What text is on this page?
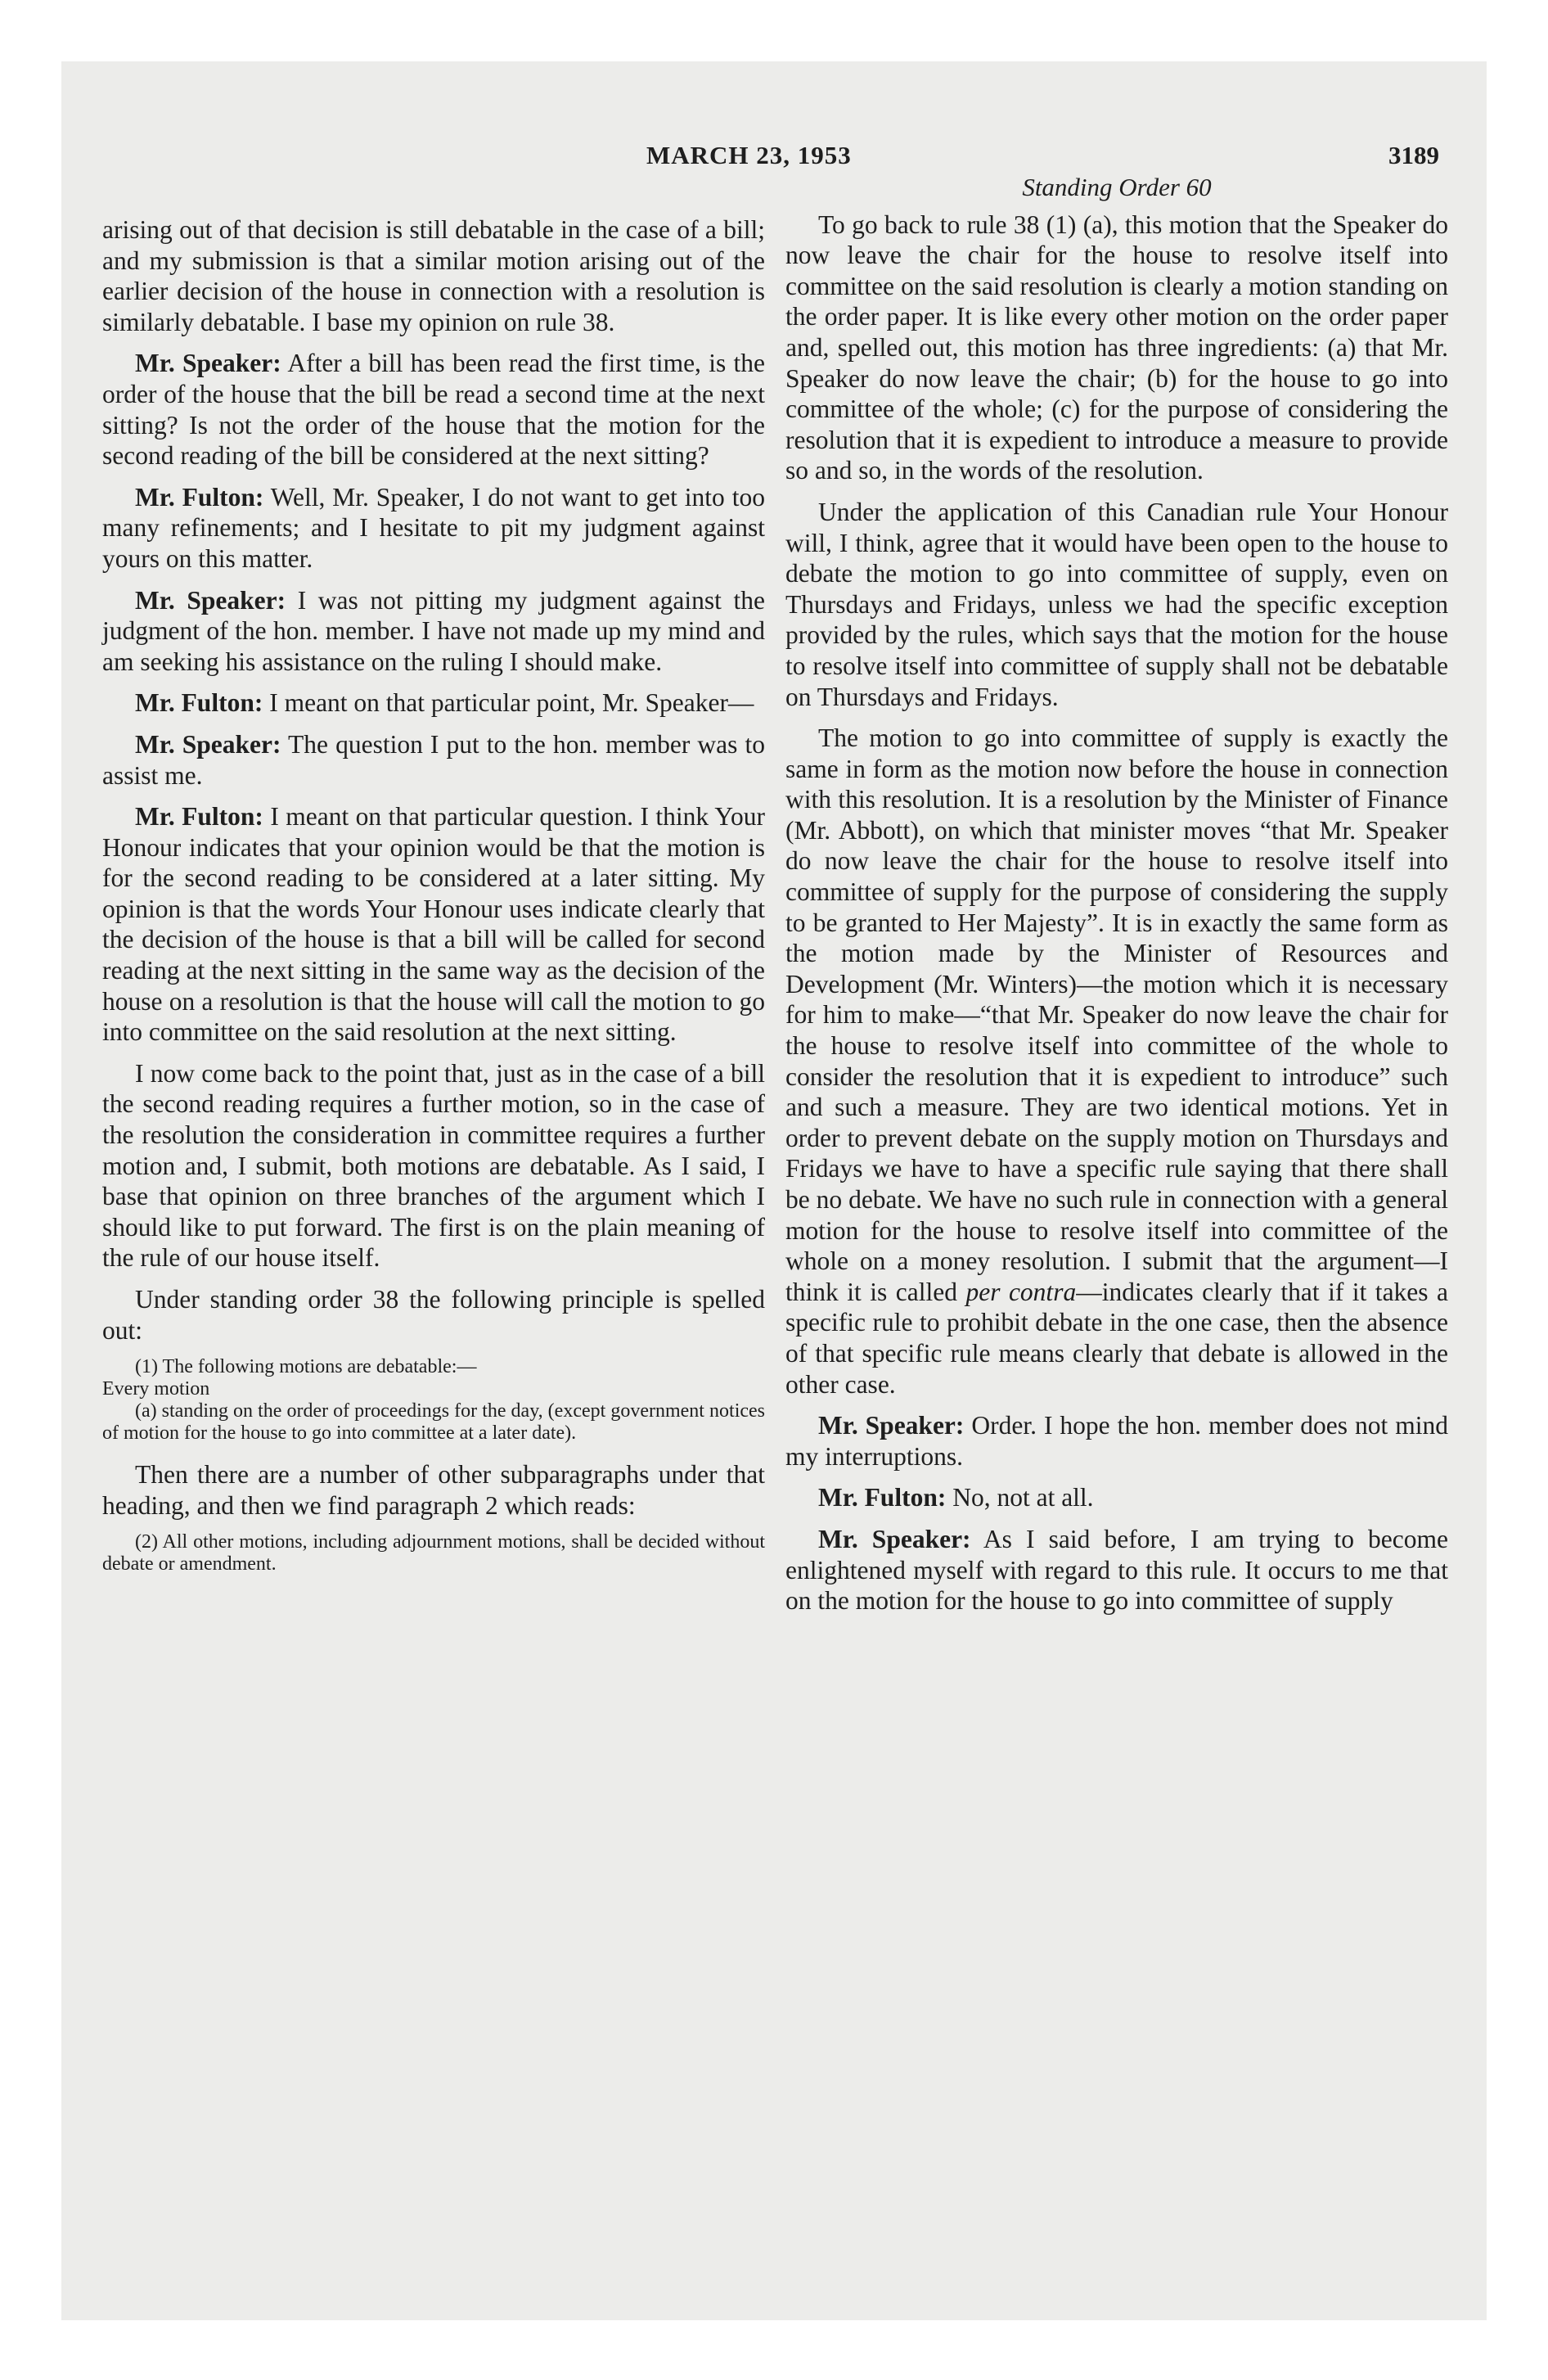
MARCH 23, 1953	3189

arising out of that decision is still debatable in the case of a bill; and my submission is that a similar motion arising out of the earlier decision of the house in connection with a resolution is similarly debatable. I base my opinion on rule 38.

Mr. Speaker: After a bill has been read the first time, is the order of the house that the bill be read a second time at the next sitting? Is not the order of the house that the motion for the second reading of the bill be considered at the next sitting?

Mr. Fulton: Well, Mr. Speaker, I do not want to get into too many refinements; and I hesitate to pit my judgment against yours on this matter.

Mr. Speaker: I was not pitting my judgment against the judgment of the hon. member. I have not made up my mind and am seeking his assistance on the ruling I should make.

Mr. Fulton: I meant on that particular point, Mr. Speaker—

Mr. Speaker: The question I put to the hon. member was to assist me.

Mr. Fulton: I meant on that particular question. I think Your Honour indicates that your opinion would be that the motion is for the second reading to be considered at a later sitting. My opinion is that the words Your Honour uses indicate clearly that the decision of the house is that a bill will be called for second reading at the next sitting in the same way as the decision of the house on a resolution is that the house will call the motion to go into committee on the said resolution at the next sitting.

I now come back to the point that, just as in the case of a bill the second reading requires a further motion, so in the case of the resolution the consideration in committee requires a further motion and, I submit, both motions are debatable. As I said, I base that opinion on three branches of the argument which I should like to put forward. The first is on the plain meaning of the rule of our house itself.

Under standing order 38 the following principle is spelled out:

(1) The following motions are debatable:—
Every motion
(a) standing on the order of proceedings for the day, (except government notices of motion for the house to go into committee at a later date).

Then there are a number of other subparagraphs under that heading, and then we find paragraph 2 which reads:

(2) All other motions, including adjournment motions, shall be decided without debate or amendment.
Standing Order 60

To go back to rule 38 (1) (a), this motion that the Speaker do now leave the chair for the house to resolve itself into committee on the said resolution is clearly a motion standing on the order paper. It is like every other motion on the order paper and, spelled out, this motion has three ingredients: (a) that Mr. Speaker do now leave the chair; (b) for the house to go into committee of the whole; (c) for the purpose of considering the resolution that it is expedient to introduce a measure to provide so and so, in the words of the resolution.

Under the application of this Canadian rule Your Honour will, I think, agree that it would have been open to the house to debate the motion to go into committee of supply, even on Thursdays and Fridays, unless we had the specific exception provided by the rules, which says that the motion for the house to resolve itself into committee of supply shall not be debatable on Thursdays and Fridays.

The motion to go into committee of supply is exactly the same in form as the motion now before the house in connection with this resolution. It is a resolution by the Minister of Finance (Mr. Abbott), on which that minister moves “that Mr. Speaker do now leave the chair for the house to resolve itself into committee of supply for the purpose of considering the supply to be granted to Her Majesty”. It is in exactly the same form as the motion made by the Minister of Resources and Development (Mr. Winters)—the motion which it is necessary for him to make—“that Mr. Speaker do now leave the chair for the house to resolve itself into committee of the whole to consider the resolution that it is expedient to introduce” such and such a measure. They are two identical motions. Yet in order to prevent debate on the supply motion on Thursdays and Fridays we have to have a specific rule saying that there shall be no debate. We have no such rule in connection with a general motion for the house to resolve itself into committee of the whole on a money resolution. I submit that the argument—I think it is called per contra—indicates clearly that if it takes a specific rule to prohibit debate in the one case, then the absence of that specific rule means clearly that debate is allowed in the other case.

Mr. Speaker: Order. I hope the hon. member does not mind my interruptions.

Mr. Fulton: No, not at all.

Mr. Speaker: As I said before, I am trying to become enlightened myself with regard to this rule. It occurs to me that on the motion for the house to go into committee of supply
